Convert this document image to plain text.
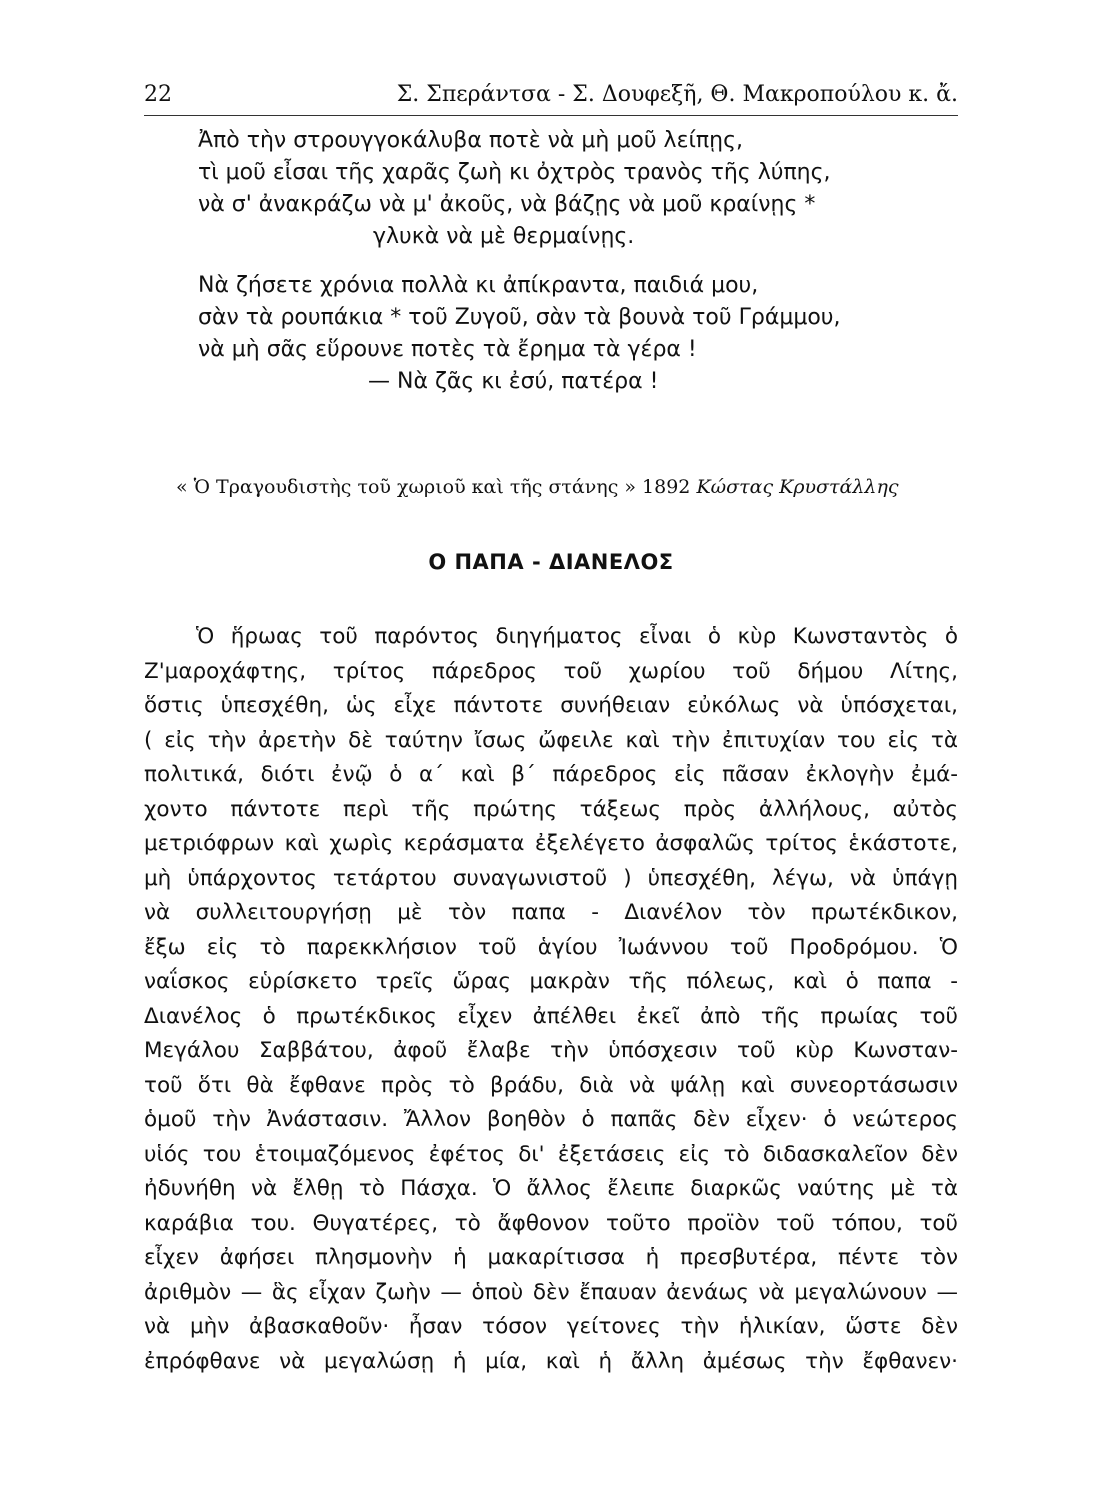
22	Σ. Σπεράντσα - Σ. Δουφεξῆ, Θ. Μακροπούλου κ. ἄ.
Ἀπὸ τὴν στρουγγοκάλυβα ποτὲ νὰ μὴ μοῦ λείπῃς,
τὶ μοῦ εἶσαι τῆς χαρᾶς ζωὴ κι ὀχτρὸς τρανὸς τῆς λύπης,
νὰ σ' ἀνακράζω νὰ μ' ἀκοῦς, νὰ βάζῃς νὰ μοῦ κραίνῃς *
γλυκὰ νὰ μὲ θερμαίνῃς.
Νὰ ζήσετε χρόνια πολλὰ κι ἀπίκραντα, παιδιά μου,
σὰν τὰ ρουπάκια * τοῦ Ζυγοῦ, σὰν τὰ βουνὰ τοῦ Γράμμου,
νὰ μὴ σᾶς εὕρουνε ποτὲς τὰ ἔρημα τὰ γέρα !
— Νὰ ζᾶς κι ἐσύ, πατέρα !
« Ὁ Τραγουδιστὴς τοῦ χωριοῦ καὶ τῆς στάνης » 1892 Κώστας Κρυστάλλης
Ο ΠΑΠΑ - ΔΙΑΝΕΛΟΣ
Ὁ ἥρωας τοῦ παρόντος διηγήματος εἶναι ὁ κὺρ Κωνσταντὸς ὁ
Ζ'μαροχάφτης, τρίτος πάρεδρος τοῦ χωρίου τοῦ δήμου Λίτης,
ὅστις ὑπεσχέθη, ὡς εἶχε πάντοτε συνήθειαν εὐκόλως νὰ ὑπόσχεται,
( εἰς τὴν ἀρετὴν δὲ ταύτην ἴσως ὤφειλε καὶ τὴν ἐπιτυχίαν του εἰς τὰ
πολιτικά, διότι ἐνῷ ὁ α΄ καὶ β΄ πάρεδρος εἰς πᾶσαν ἐκλογὴν ἐμά-
χοντο πάντοτε περὶ τῆς πρώτης τάξεως πρὸς ἀλλήλους, αὐτὸς
μετριόφρων καὶ χωρὶς κεράσματα ἐξελέγετο ἀσφαλῶς τρίτος ἑκάστοτε,
μὴ ὑπάρχοντος τετάρτου συναγωνιστοῦ ) ὑπεσχέθη, λέγω, νὰ ὑπάγῃ
νὰ συλλειτουργήσῃ μὲ τὸν παπα - Διανέλον τὸν πρωτέκδικον,
ἔξω εἰς τὸ παρεκκλήσιον τοῦ ἁγίου Ἰωάννου τοῦ Προδρόμου. Ὁ
ναΐσκος εὑρίσκετο τρεῖς ὥρας μακρὰν τῆς πόλεως, καὶ ὁ παπα -
Διανέλος ὁ πρωτέκδικος εἶχεν ἀπέλθει ἐκεῖ ἀπὸ τῆς πρωίας τοῦ
Μεγάλου Σαββάτου, ἀφοῦ ἔλαβε τὴν ὑπόσχεσιν τοῦ κὺρ Κωνσταν-
τοῦ ὅτι θὰ ἔφθανε πρὸς τὸ βράδυ, διὰ νὰ ψάλῃ καὶ συνεορτάσωσιν
ὁμοῦ τὴν Ἀνάστασιν. Ἄλλον βοηθὸν ὁ παπᾶς δὲν εἶχεν· ὁ νεώτερος
υἱός του ἑτοιμαζόμενος ἐφέτος δι' ἐξετάσεις εἰς τὸ διδασκαλεῖον δὲν
ἠδυνήθη νὰ ἔλθῃ τὸ Πάσχα. Ὁ ἄλλος ἔλειπε διαρκῶς ναύτης μὲ τὰ
καράβια του. Θυγατέρες, τὸ ἄφθονον τοῦτο προϊὸν τοῦ τόπου, τοῦ
εἶχεν ἀφήσει πλησμονὴν ἡ μακαρίτισσα ἡ πρεσβυτέρα, πέντε τὸν
ἀριθμὸν — ἃς εἶχαν ζωὴν — ὁποὺ δὲν ἔπαυαν ἀενάως νὰ μεγαλώνουν —
νὰ μὴν ἀβασκαθοῦν· ἦσαν τόσον γείτονες τὴν ἡλικίαν, ὥστε δὲν
ἐπρόφθανε νὰ μεγαλώσῃ ἡ μία, καὶ ἡ ἄλλη ἀμέσως τὴν ἔφθανεν·
